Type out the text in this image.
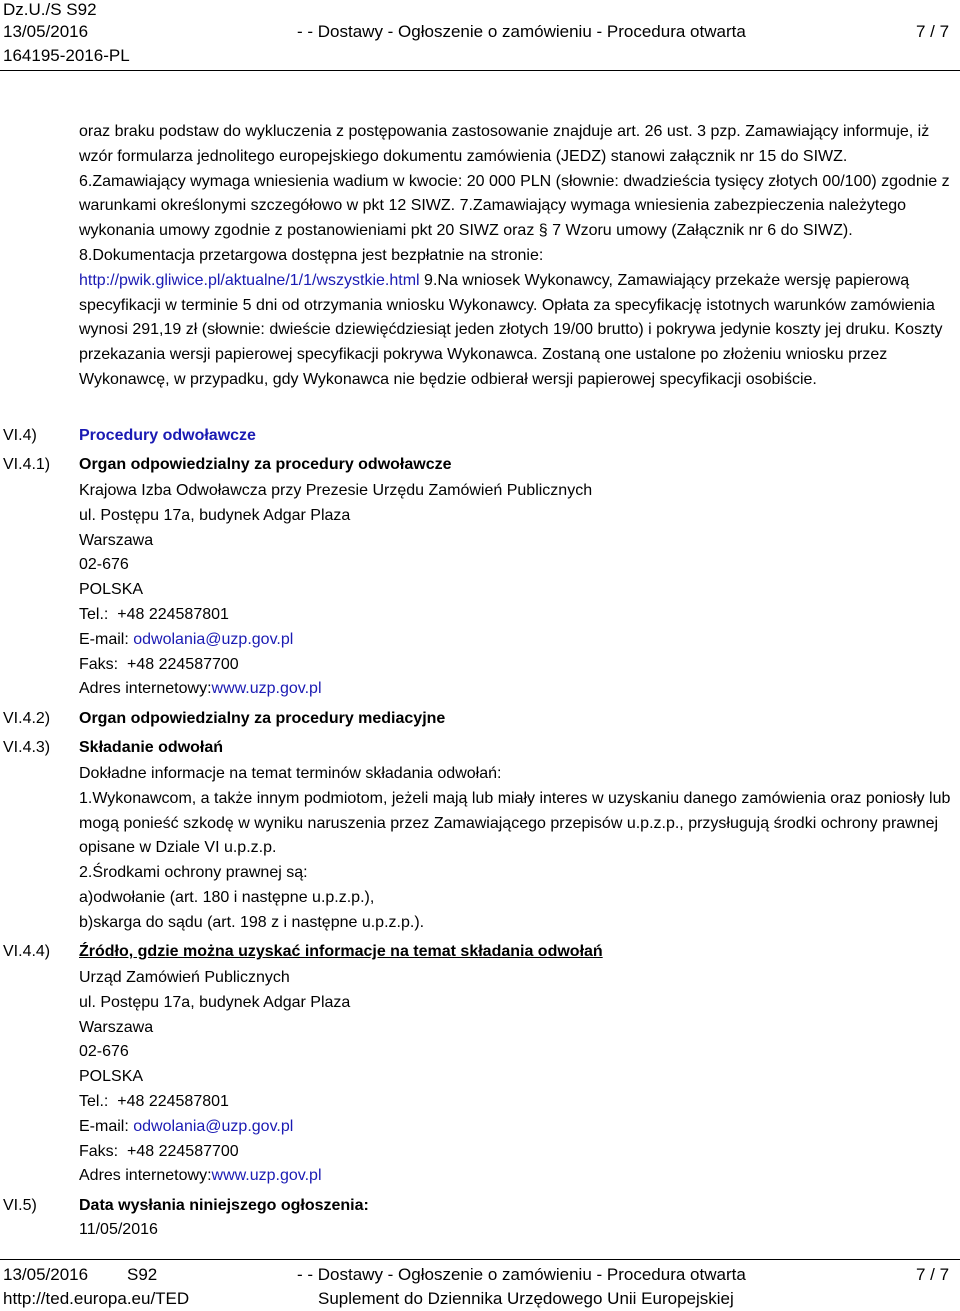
Dz.U./S S92
13/05/2016
164195-2016-PL
- - Dostawy - Ogłoszenie o zamówieniu - Procedura otwarta	7 / 7

oraz braku podstaw do wykluczenia z postępowania zastosowanie znajduje art. 26 ust. 3 pzp. Zamawiający informuje, iż wzór formularza jednolitego europejskiego dokumentu zamówienia (JEDZ) stanowi załącznik nr 15 do SIWZ. 6.Zamawiający wymaga wniesienia wadium w kwocie: 20 000 PLN (słownie: dwadzieścia tysięcy złotych 00/100) zgodnie z warunkami określonymi szczegółowo w pkt 12 SIWZ. 7.Zamawiający wymaga wniesienia zabezpieczenia należytego wykonania umowy zgodnie z postanowieniami pkt 20 SIWZ oraz § 7 Wzoru umowy (Załącznik nr 6 do SIWZ). 8.Dokumentacja przetargowa dostępna jest bezpłatnie na stronie:
http://pwik.gliwice.pl/aktualne/1/1/wszystkie.html 9.Na wniosek Wykonawcy, Zamawiający przekaże wersję papierową specyfikacji w terminie 5 dni od otrzymania wniosku Wykonawcy. Opłata za specyfikację istotnych warunków zamówienia wynosi 291,19 zł (słownie: dwieście dziewięćdziesiąt jeden złotych 19/00 brutto) i pokrywa jedynie koszty jej druku. Koszty przekazania wersji papierowej specyfikacji pokrywa Wykonawca. Zostaną one ustalone po złożeniu wniosku przez Wykonawcę, w przypadku, gdy Wykonawca nie będzie odbierał wersji papierowej specyfikacji osobiście.

VI.4)	Procedury odwoławcze
VI.4.1) Organ odpowiedzialny za procedury odwoławcze
Krajowa Izba Odwoławcza przy Prezesie Urzędu Zamówień Publicznych
ul. Postępu 17a, budynek Adgar Plaza
Warszawa
02-676
POLSKA
Tel.: +48 224587801
E-mail: odwolania@uzp.gov.pl
Faks: +48 224587700
Adres internetowy:www.uzp.gov.pl
VI.4.2) Organ odpowiedzialny za procedury mediacyjne
VI.4.3) Składanie odwołań

Dokładne informacje na temat terminów składania odwołań:

1.Wykonawcom, a także innym podmiotom, jeżeli mają lub miały interes w uzyskaniu danego zamówienia oraz poniosły lub mogą ponieść szkodę w wyniku naruszenia przez Zamawiającego przepisów u.p.z.p., przysługują środki ochrony prawnej opisane w Dziale VI u.p.z.p.

2.Środkami ochrony prawnej są:

a)odwołanie (art. 180 i następne u.p.z.p.),

b)skarga do sądu (art. 198 z i następne u.p.z.p.).

VI.4.4) Źródło, gdzie można uzyskać informacje na temat składania odwołań
Urząd Zamówień Publicznych
ul. Postępu 17a, budynek Adgar Plaza
Warszawa
02-676
POLSKA
Tel.: +48 224587801
E-mail: odwolania@uzp.gov.pl
Faks: +48 224587700
Adres internetowy:www.uzp.gov.pl
VI.5)	Data wysłania niniejszego ogłoszenia:
11/05/2016
13/05/2016 S92	- - Dostawy - Ogłoszenie o zamówieniu - Procedura otwarta	7 / 7
http://ted.europa.eu/TED	Suplement do Dziennika Urzędowego Unii Europejskiej
